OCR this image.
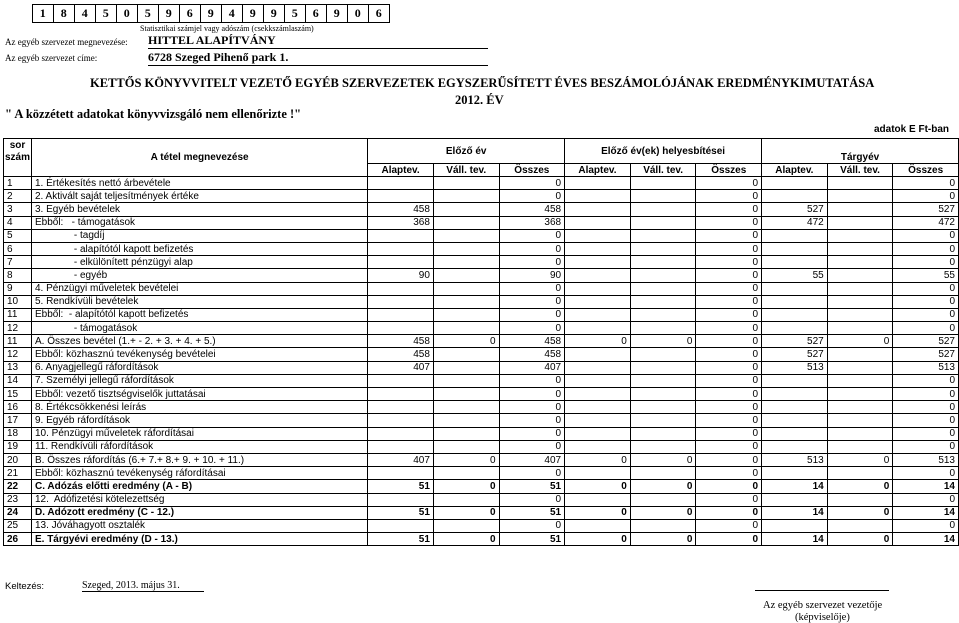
1	8	4	5	0	5	9	6	9	4	9	9	5	6	9	0	6
Statisztikai számjel vagy adószám (csekkszámlaszám)
Az egyéb szervezet megnevezése: HITTEL ALAPÍTVÁNY
Az egyéb szervezet címe:	6728 Szeged Pihenő park 1.
KETTŐS KÖNYVVITELT VEZETŐ EGYÉB SZERVEZETEK EGYSZERŰSÍTETT ÉVES BESZÁMOLÓJÁNAK EREDMÉNYKIMUTATÁSA
2012. ÉV
" A közzétett adatokat könyvvizsgáló nem ellenőrizte !"
adatok E Ft-ban
sor	A tétel megnevezése	Előző év			Előző év(ek) helyesbítései					
szám								Tárgyév		
		Alaptev.	Váll. tev.	Összes	Alaptev.	Váll. tev.	Összes	Alaptev.	Váll. tev.	Összes
1	1. Értékesítés nettó árbevétele			0			0			0
2	2. Aktivált saját teljesítmények értéke			0			0			0
3	3. Egyéb bevételek	458		458			0	527		527
4	Ebből:   - támogatások	368		368			0	472		472
5	- tagdíj			0			0			0
6	- alapítótól kapott befizetés			0			0			0
7	- elkülönített pénzügyi alap			0			0			0
8	- egyéb	90		90			0	55		55
9	4. Pénzügyi műveletek bevételei			0			0			0
10	5. Rendkívüli bevételek			0			0			0
11	Ebből:  - alapítótól kapott befizetés			0			0			0
12	- támogatások			0			0			0
11	A. Összes bevétel (1.+ - 2. + 3. + 4. + 5.)	458	0	458	0	0	0	527	0	527
12	Ebből: közhasznú tevékenység bevételei	458		458			0	527		527
13	6. Anyagjellegű ráfordítások	407		407			0	513		513
14	7. Személyi jellegű ráfordítások			0			0			0
15	Ebből: vezető tisztségviselők juttatásai			0			0			0
16	8. Értékcsökkenési leírás			0			0			0
17	9. Egyéb ráfordítások			0			0			0
18	10. Pénzügyi műveletek ráfordításai			0			0			0
19	11. Rendkívüli ráfordítások			0			0			0
20	B. Összes ráfordítás (6.+ 7.+ 8.+ 9. + 10. + 11.)	407	0	407	0	0	0	513	0	513
21	Ebből: közhasznú tevékenység ráfordításai			0			0			0
22	C. Adózás előtti eredmény (A - B)	51	0	51	0	0	0	14	0	14
23	12.  Adófizetési kötelezettség			0			0			0
24	D. Adózott eredmény (C - 12.)	51	0	51	0	0	0	14	0	14
25	13. Jóváhagyott osztalék			0			0			0
26	E. Tárgyévi eredmény (D - 13.)	51	0	51	0	0	0	14	0	14
Keltezés:	Szeged, 2013. május 31.
Az egyéb szervezet vezetője
(képviselője)
